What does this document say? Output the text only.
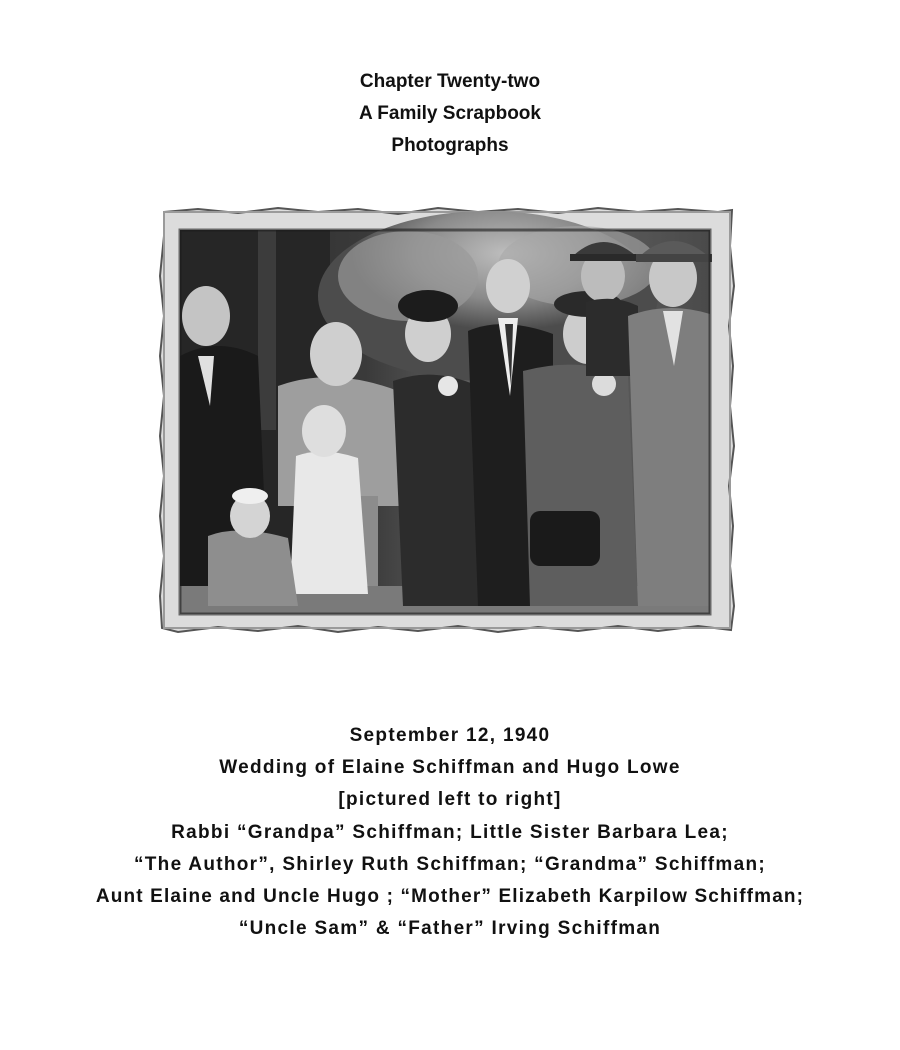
Chapter Twenty-two
A Family Scrapbook
Photographs
September 12, 1940
Wedding of Elaine Schiffman and Hugo Lowe
[pictured left to right]
Rabbi “Grandpa” Schiffman; Little Sister Barbara Lea;
“The Author”, Shirley Ruth Schiffman; “Grandma” Schiffman;
Aunt Elaine and Uncle Hugo ; “Mother” Elizabeth Karpilow Schiffman;
“Uncle Sam” & “Father” Irving Schiffman
